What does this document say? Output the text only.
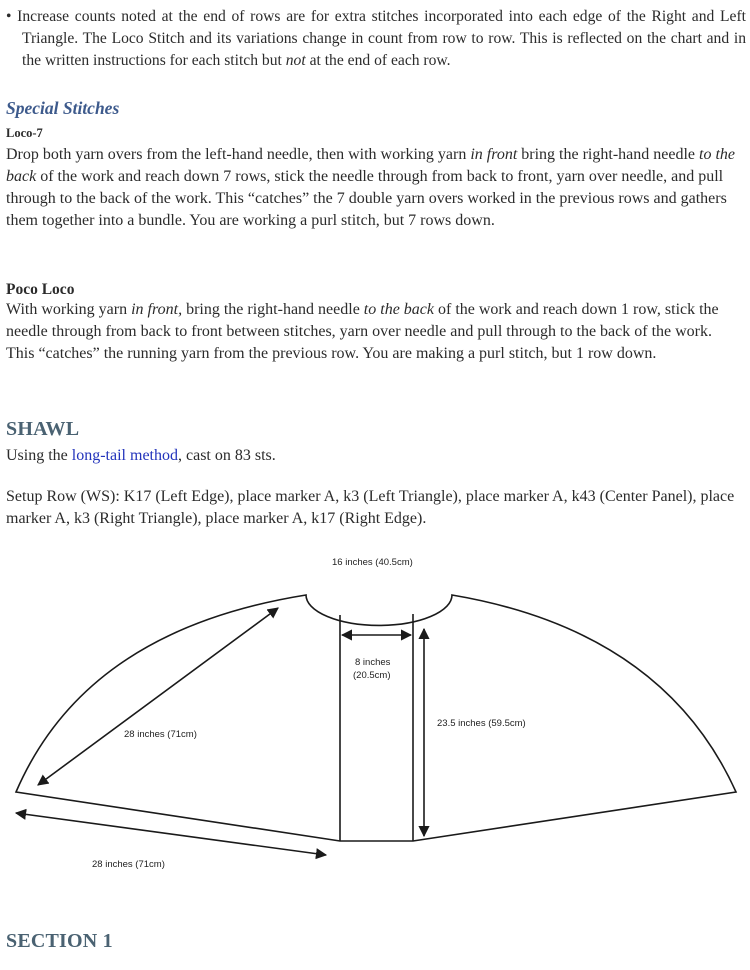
• Increase counts noted at the end of rows are for extra stitches incorporated into each edge of the Right and Left Triangle. The Loco Stitch and its variations change in count from row to row. This is reflected on the chart and in the written instructions for each stitch but not at the end of each row.

Special Stitches
Loco-7

Drop both yarn overs from the left-hand needle, then with working yarn in front bring the right-hand needle to the back of the work and reach down 7 rows, stick the needle through from back to front, yarn over needle, and pull through to the back of the work. This “catches” the 7 double yarn overs worked in the previous rows and gathers them together into a bundle. You are working a purl stitch, but 7 rows down.

Poco Loco

With working yarn in front, bring the right-hand needle to the back of the work and reach down 1 row, stick the needle through from back to front between stitches, yarn over needle and pull through to the back of the work. This “catches” the running yarn from the previous row. You are making a purl stitch, but 1 row down.

SHAWL

Using the long-tail method, cast on 83 sts.

Setup Row (WS): K17 (Left Edge), place marker A, k3 (Left Triangle), place marker A, k43 (Center Panel), place marker A, k3 (Right Triangle), place marker A, k17 (Right Edge).

16 inches (40.5cm)
8 inches
(20.5cm)
23.5 inches (59.5cm)
28 inches (71cm)
28 inches (71cm)
SECTION 1
